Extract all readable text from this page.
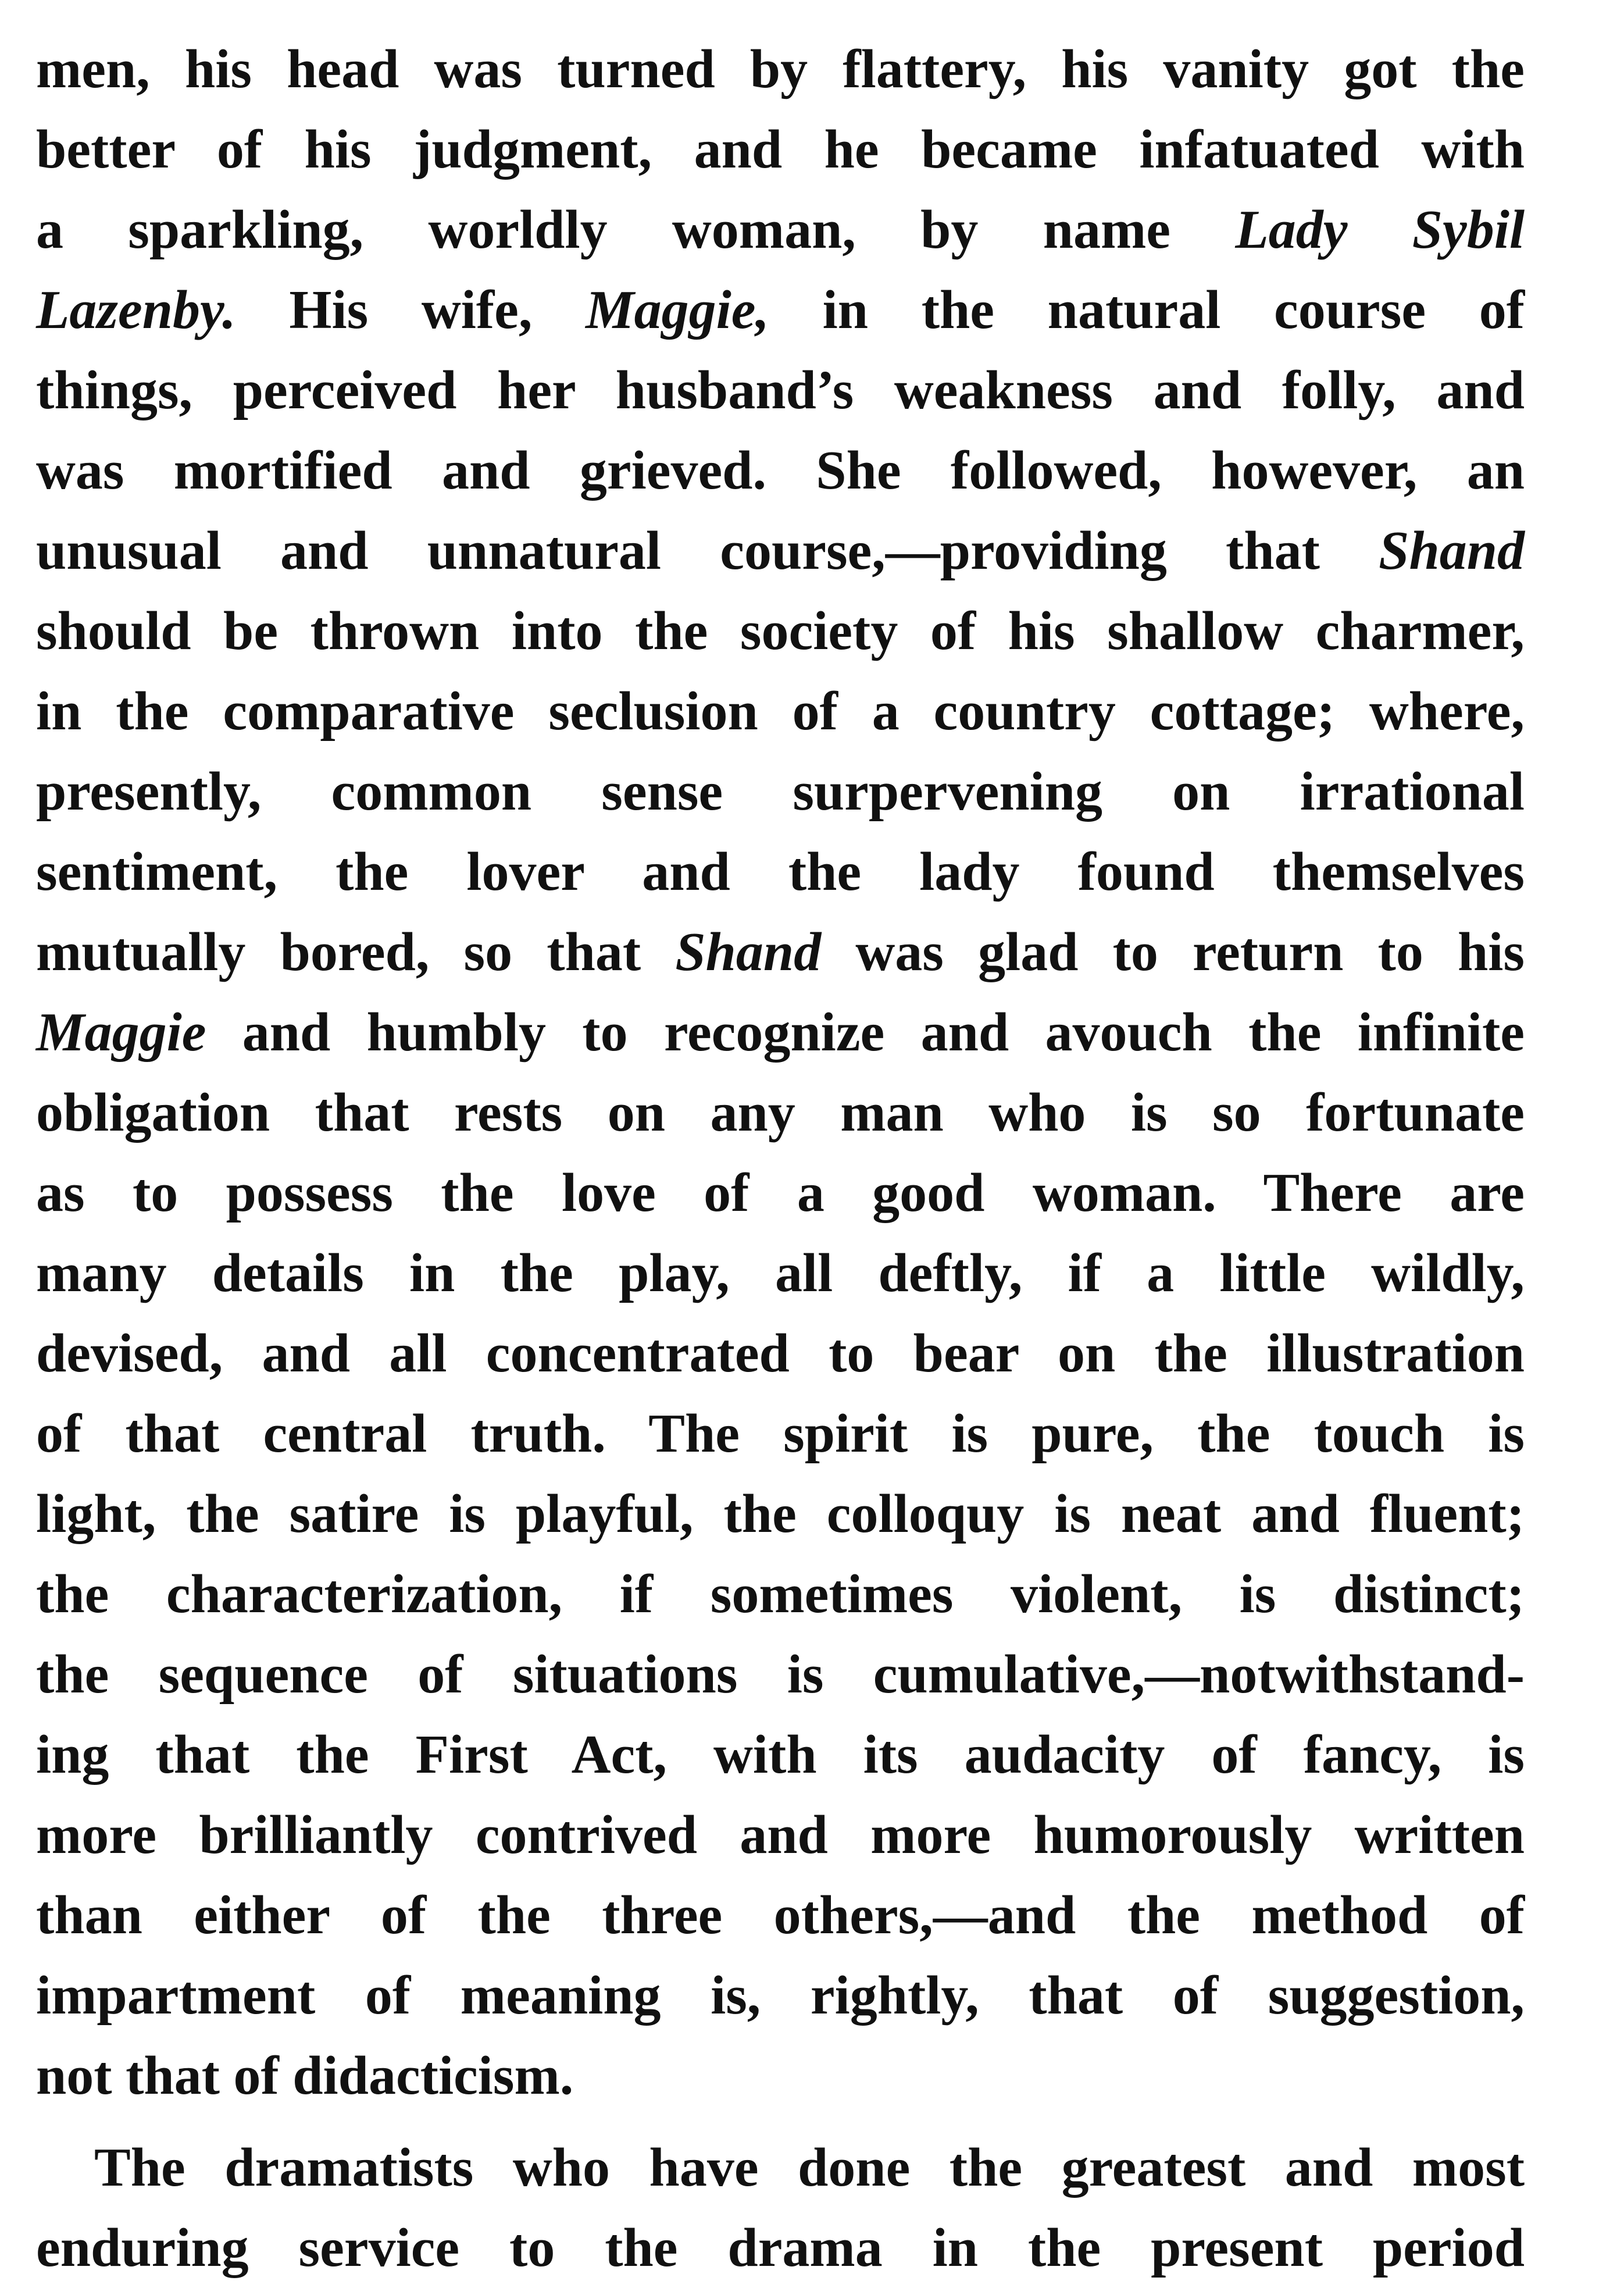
men, his head was turned by flattery, his vanity got the
better of his judgment, and he became infatuated with
a sparkling, worldly woman, by name Lady Sybil
Lazenby. His wife, Maggie, in the natural course of
things, perceived her husband’s weakness and folly, and
was mortified and grieved. She followed, however, an
unusual and unnatural course,—providing that Shand
should be thrown into the society of his shallow charmer,
in the comparative seclusion of a country cottage; where,
presently, common sense surpervening on irrational
sentiment, the lover and the lady found themselves
mutually bored, so that Shand was glad to return to his
Maggie and humbly to recognize and avouch the infinite
obligation that rests on any man who is so fortunate
as to possess the love of a good woman. There are
many details in the play, all deftly, if a little wildly,
devised, and all concentrated to bear on the illustration
of that central truth. The spirit is pure, the touch is
light, the satire is playful, the colloquy is neat and fluent;
the characterization, if sometimes violent, is distinct;
the sequence of situations is cumulative,—notwithstand-
ing that the First Act, with its audacity of fancy, is
more brilliantly contrived and more humorously written
than either of the three others,—and the method of
impartment of meaning is, rightly, that of suggestion,
not that of didacticism.
The dramatists who have done the greatest and most
enduring service to the drama in the present period
